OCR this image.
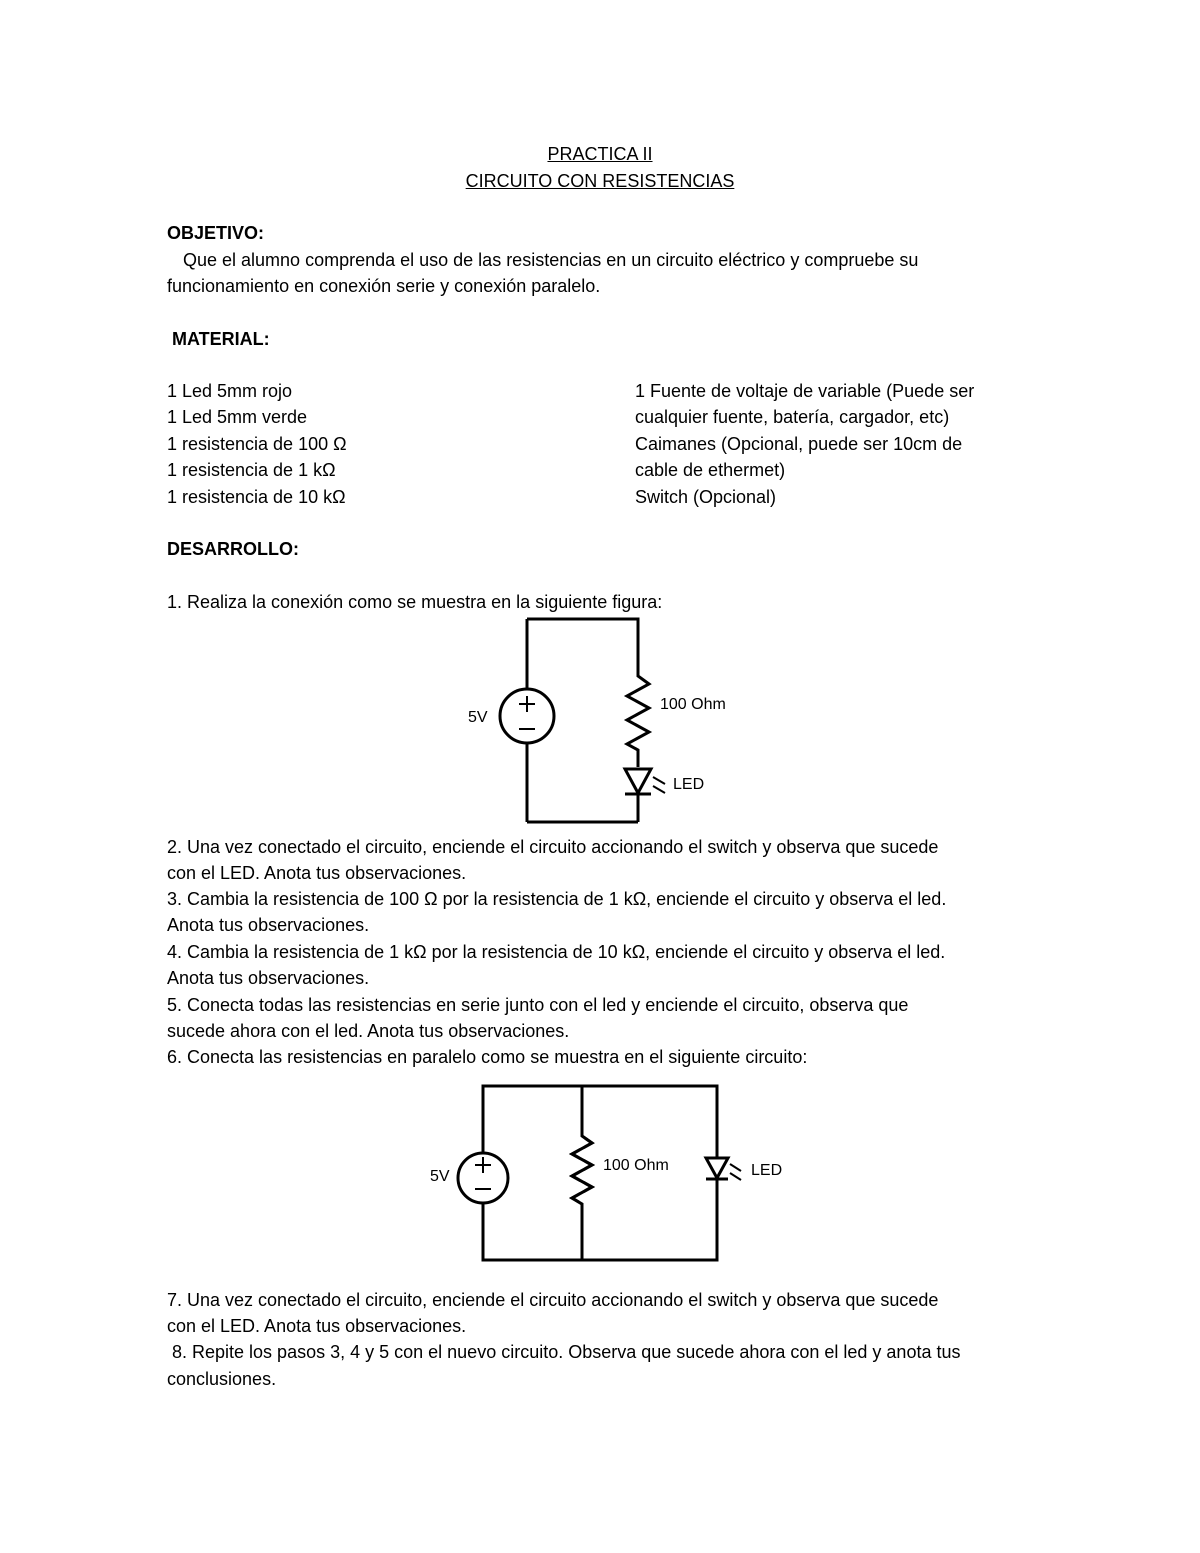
PRACTICA II
CIRCUITO CON RESISTENCIAS
OBJETIVO:
Que el alumno comprenda el uso de las resistencias en un circuito eléctrico y compruebe su
funcionamiento en conexión serie y conexión paralelo.
MATERIAL:
1 Led 5mm rojo
1 Led 5mm verde
1 resistencia de 100 Ω
1 resistencia de 1 kΩ
1 resistencia de 10 kΩ
1 Fuente de voltaje de variable (Puede ser
cualquier fuente, batería, cargador, etc)
Caimanes (Opcional, puede ser 10cm de
cable de ethermet)
Switch (Opcional)
DESARROLLO:
1. Realiza la conexión como se muestra en la siguiente figura:
5V
100 Ohm
LED
2. Una vez conectado el circuito, enciende el circuito accionando el switch y observa que sucede
con el LED. Anota tus observaciones.
3. Cambia la resistencia de 100 Ω por la resistencia de 1 kΩ, enciende el circuito y observa el led.
Anota tus observaciones.
4. Cambia la resistencia de 1 kΩ por la resistencia de 10 kΩ, enciende el circuito y observa el led.
Anota tus observaciones.
5. Conecta todas las resistencias en serie junto con el led y enciende el circuito, observa que
sucede ahora con el led. Anota tus observaciones.
6. Conecta las resistencias en paralelo como se muestra en el siguiente circuito:
5V
100 Ohm	LED
7. Una vez conectado el circuito, enciende el circuito accionando el switch y observa que sucede
con el LED. Anota tus observaciones.
8. Repite los pasos 3, 4 y 5 con el nuevo circuito. Observa que sucede ahora con el led y anota tus
conclusiones.
